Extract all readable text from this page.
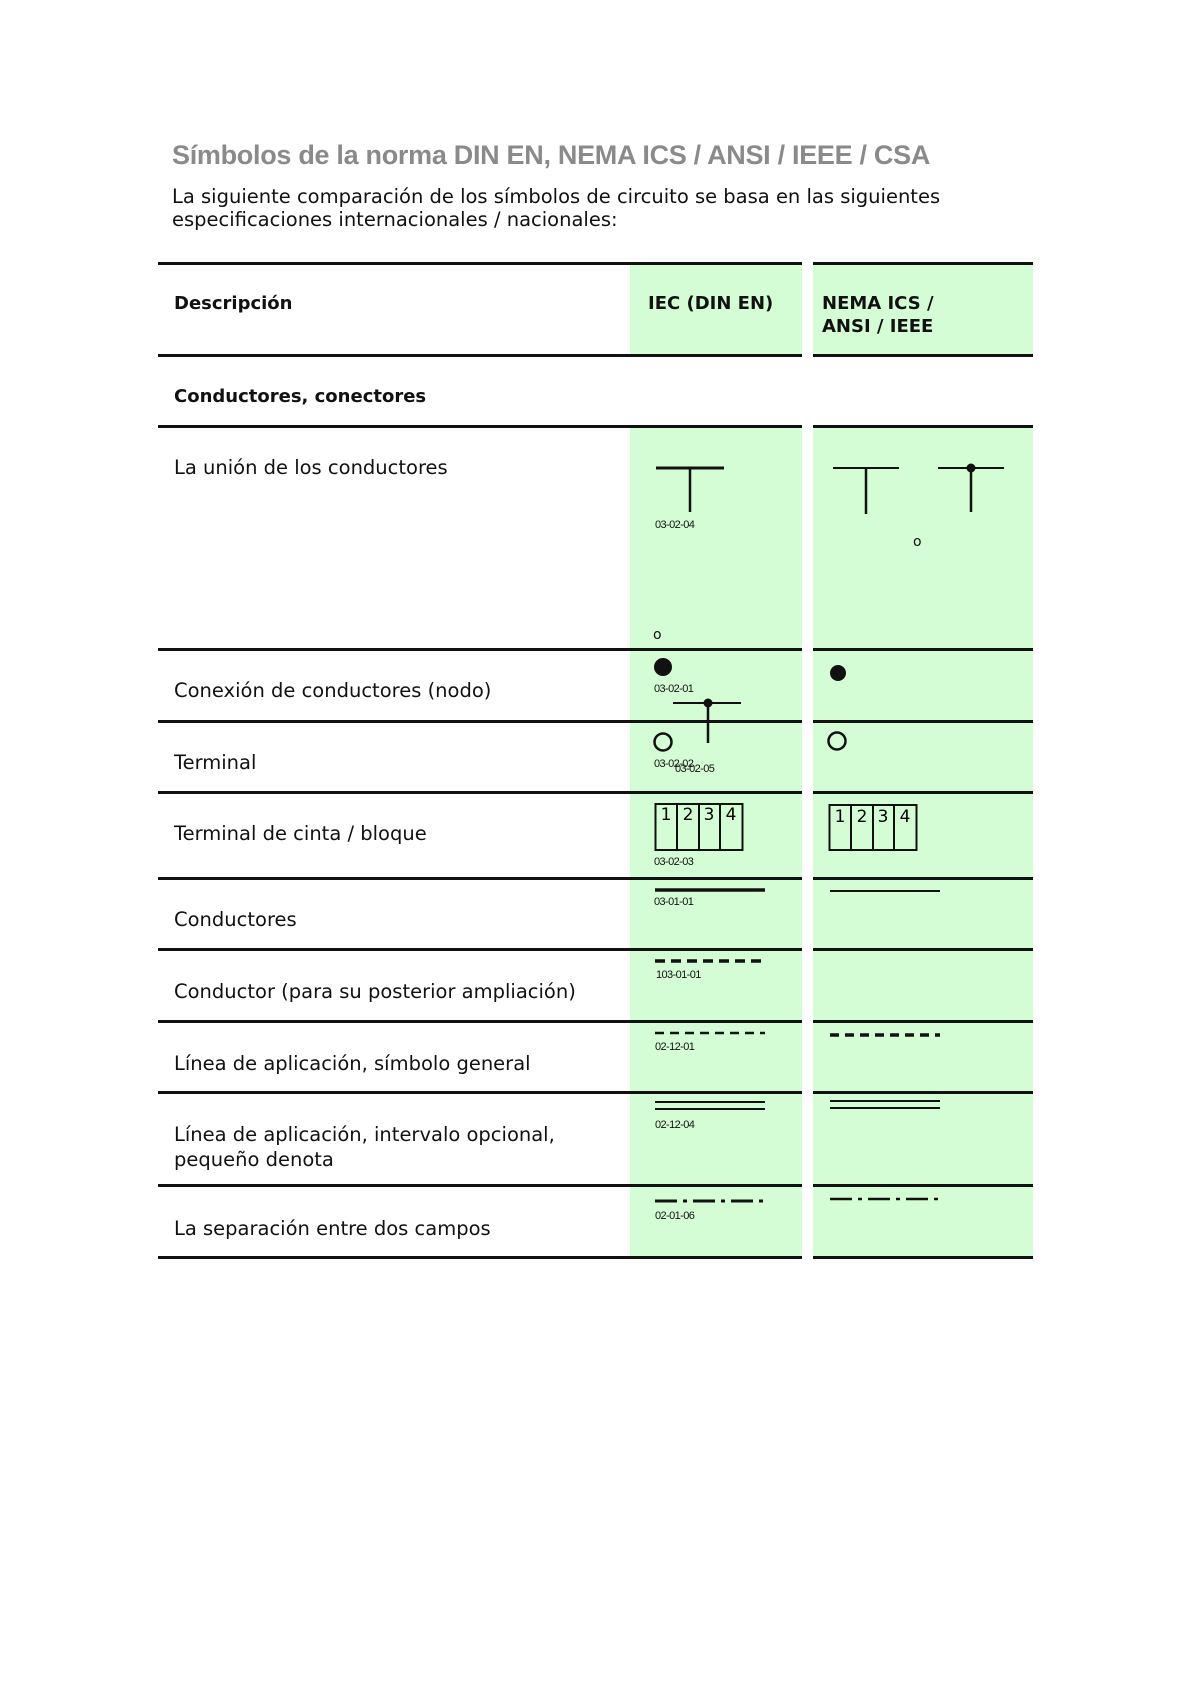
Símbolos de la norma DIN EN, NEMA ICS / ANSI / IEEE / CSA
La siguiente comparación de los símbolos de circuito se basa en las siguientes especificaciones internacionales / nacionales:
Descripción	IEC (DIN EN)	NEMA ICS /
ANSI / IEEE
Conductores, conectores
La unión de los conductores
Conexión de conductores (nodo)
Terminal
Terminal de cinta / bloque
Conductores
Conductor (para su posterior ampliación)
Línea de aplicación, símbolo general
Línea de aplicación, intervalo opcional,
pequeño denota
La separación entre dos campos
03-02-04
o
o
03-02-01
03-02-02
03-02-05
1 2 3 4
03-02-03
1 2 3 4
03-01-01
103-01-01
02-12-01
02-12-04
02-01-06
